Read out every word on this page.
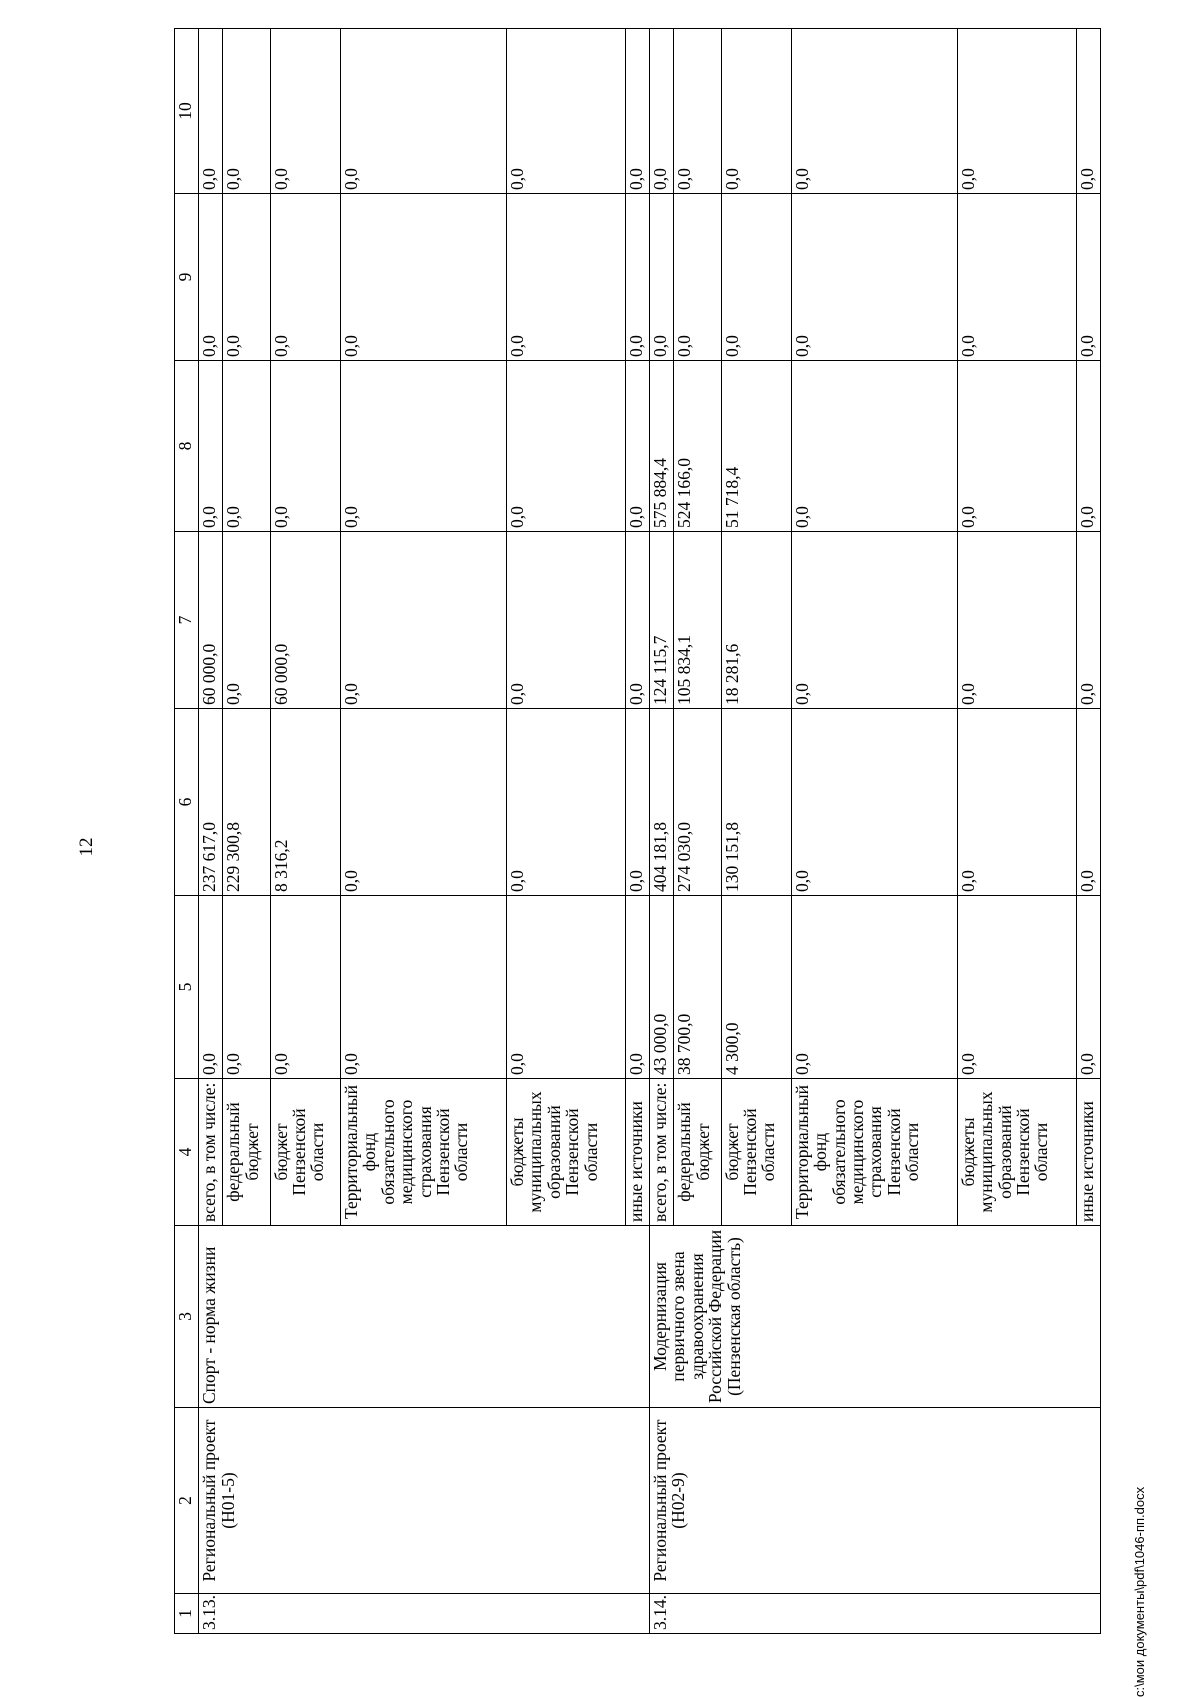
12
1	2	3	4	5	6	7	8	9	10
3.13.	Региональный проект (Н01-5)	Спорт - норма жизни	всего, в том числе:	0,0	237 617,0	60 000,0	0,0	0,0	0,0
			федеральный бюджет	0,0	229 300,8	0,0	0,0	0,0	0,0
			бюджет Пензенской области	0,0	8 316,2	60 000,0	0,0	0,0	0,0
			Территориальный фонд обязательного медицинского страхования Пензенской области	0,0	0,0	0,0	0,0	0,0	0,0
			бюджеты муниципальных образований Пензенской области	0,0	0,0	0,0	0,0	0,0	0,0
			иные источники	0,0	0,0	0,0	0,0	0,0	0,0
3.14.	Региональный проект (Н02-9)	Модернизация первичного звена здравоохранения Российской Федерации (Пензенская область)	всего, в том числе:	43 000,0	404 181,8	124 115,7	575 884,4	0,0	0,0
			федеральный бюджет	38 700,0	274 030,0	105 834,1	524 166,0	0,0	0,0
			бюджет Пензенской области	4 300,0	130 151,8	18 281,6	51 718,4	0,0	0,0
			Территориальный фонд обязательного медицинского страхования Пензенской области	0,0	0,0	0,0	0,0	0,0	0,0
			бюджеты муниципальных образований Пензенской области	0,0	0,0	0,0	0,0	0,0	0,0
			иные источники	0,0	0,0	0,0	0,0	0,0	0,0
c:\мои документы\pdf\1046-пп.docx
